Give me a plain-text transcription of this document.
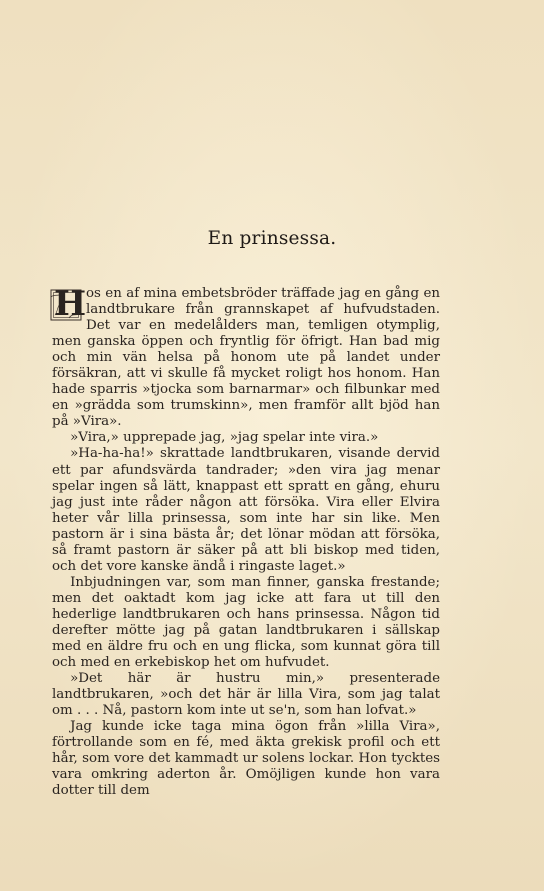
En prinsessa.

H os en af mina embetsbröder träffade jag en gång en landtbrukare från grannskapet af hufvudstaden. Det var en medelålders man, temligen otymplig, men ganska öppen och fryntlig för öfrigt. Han bad mig och min vän helsa på honom ute på landet under försäkran, att vi skulle få mycket roligt hos honom. Han hade sparris »tjocka som barnarmar» och filbunkar med en »grädda som trumskinn», men framför allt bjöd han på »Vira».

»Vira,» upprepade jag, »jag spelar inte vira.»

»Ha-ha-ha!» skrattade landtbrukaren, visande dervid ett par afundsvärda tandrader; »den vira jag menar spelar ingen så lätt, knappast ett spratt en gång, ehuru jag just inte råder någon att försöka. Vira eller Elvira heter vår lilla prinsessa, som inte har sin like. Men pastorn är i sina bästa år; det lönar mödan att försöka, så framt pastorn är säker på att bli biskop med tiden, och det vore kanske ändå i ringaste laget.»

Inbjudningen var, som man finner, ganska frestande; men det oaktadt kom jag icke att fara ut till den hederlige landtbrukaren och hans prinsessa. Någon tid derefter mötte jag på gatan landtbrukaren i sällskap med en äldre fru och en ung flicka, som kunnat göra till och med en erkebiskop het om hufvudet.

»Det här är hustru min,» presenterade landtbrukaren, »och det här är lilla Vira, som jag talat om . . . Nå, pastorn kom inte ut se'n, som han lofvat.»

Jag kunde icke taga mina ögon från »lilla Vira», förtrollande som en fé, med äkta grekisk profil och ett hår, som vore det kammadt ur solens lockar. Hon tycktes vara omkring aderton år. Omöjligen kunde hon vara dotter till dem
